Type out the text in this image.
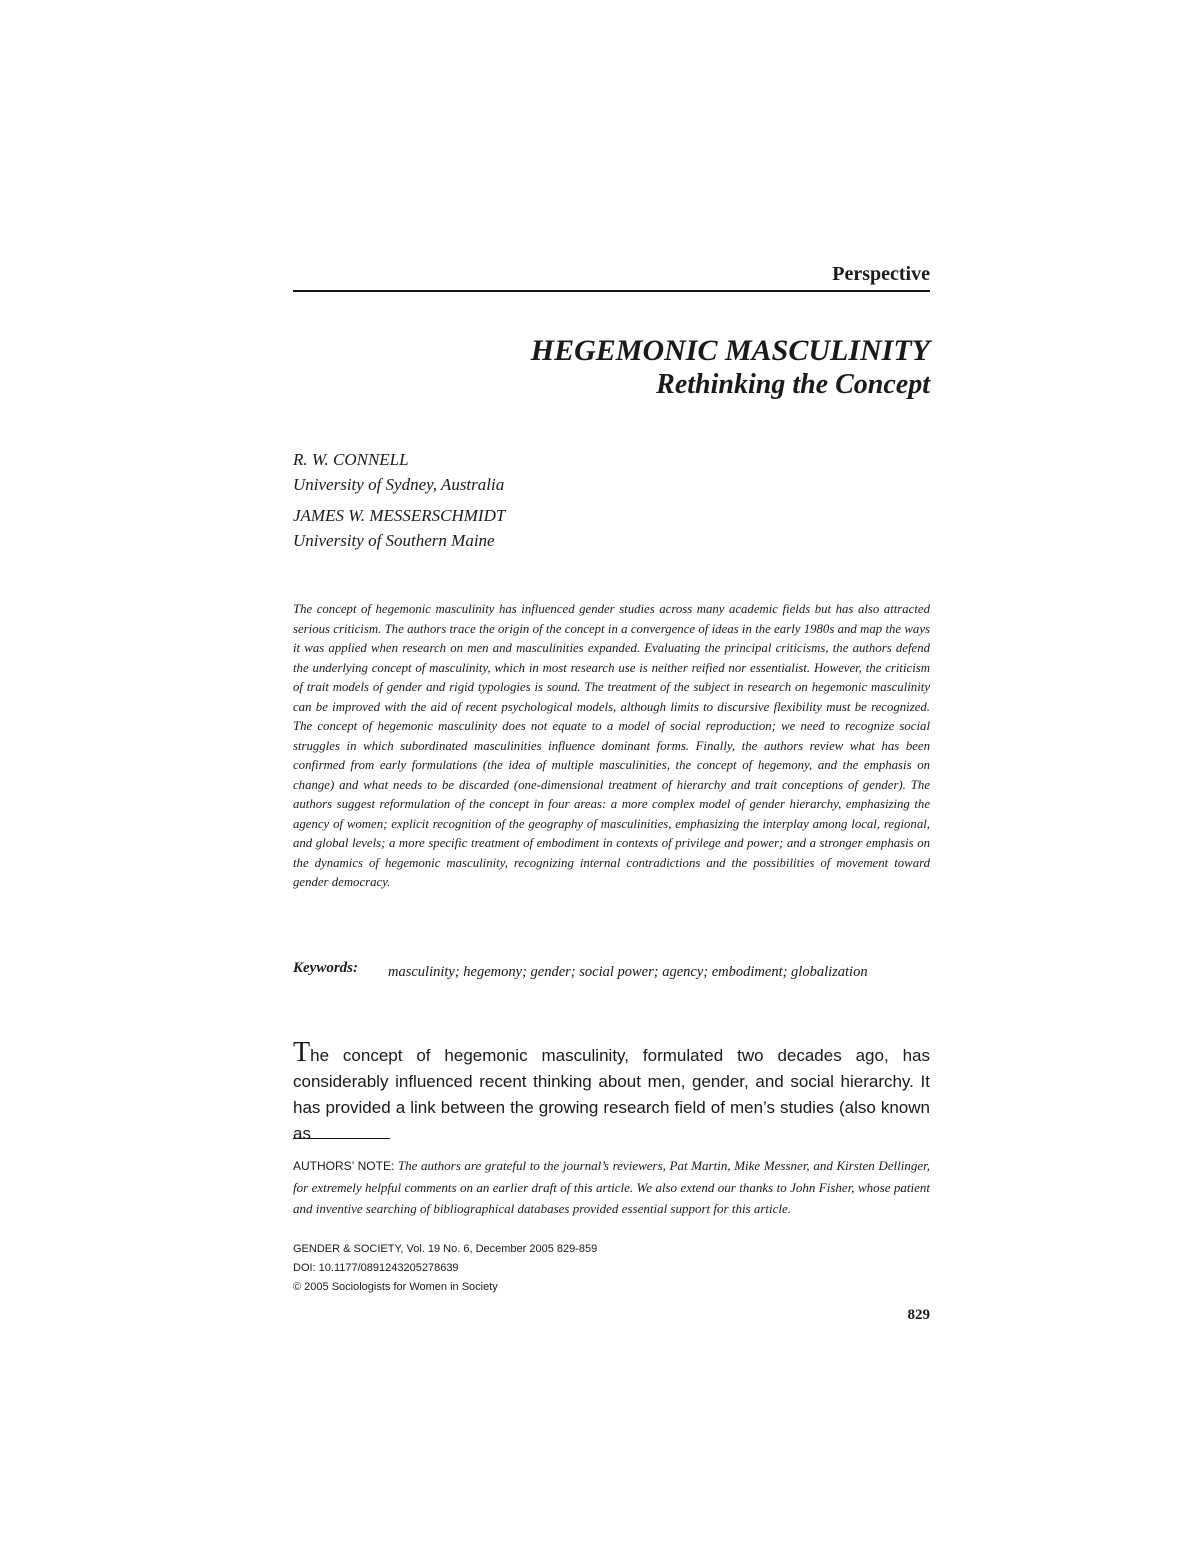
Perspective
HEGEMONIC MASCULINITY
Rethinking the Concept
R. W. CONNELL
University of Sydney, Australia
JAMES W. MESSERSCHMIDT
University of Southern Maine

The concept of hegemonic masculinity has influenced gender studies across many academic fields but has also attracted serious criticism. The authors trace the origin of the concept in a convergence of ideas in the early 1980s and map the ways it was applied when research on men and masculinities expanded. Evaluating the principal criticisms, the authors defend the underlying concept of masculinity, which in most research use is neither reified nor essentialist. However, the criticism of trait models of gender and rigid typologies is sound. The treatment of the subject in research on hegemonic masculinity can be improved with the aid of recent psychological models, although limits to discursive flexibility must be recognized. The concept of hegemonic masculinity does not equate to a model of social reproduction; we need to recognize social struggles in which subordinated masculinities influence dominant forms. Finally, the authors review what has been confirmed from early formulations (the idea of multiple masculinities, the concept of hegemony, and the emphasis on change) and what needs to be discarded (one-dimensional treatment of hierarchy and trait conceptions of gender). The authors suggest reformulation of the concept in four areas: a more complex model of gender hierarchy, emphasizing the agency of women; explicit recognition of the geography of masculinities, emphasizing the interplay among local, regional, and global levels; a more specific treatment of embodiment in contexts of privilege and power; and a stronger emphasis on the dynamics of hegemonic masculinity, recognizing internal contradictions and the possibilities of movement toward gender democracy.

Keywords: masculinity; hegemony; gender; social power; agency; embodiment; globalization

The concept of hegemonic masculinity, formulated two decades ago, has considerably influenced recent thinking about men, gender, and social hierarchy. It has provided a link between the growing research field of men’s studies (also known as

AUTHORS’ NOTE: The authors are grateful to the journal’s reviewers, Pat Martin, Mike Messner, and Kirsten Dellinger, for extremely helpful comments on an earlier draft of this article. We also extend our thanks to John Fisher, whose patient and inventive searching of bibliographical databases provided essential support for this article.

GENDER & SOCIETY, Vol. 19 No. 6, December 2005 829-859
DOI: 10.1177/0891243205278639
© 2005 Sociologists for Women in Society
829
